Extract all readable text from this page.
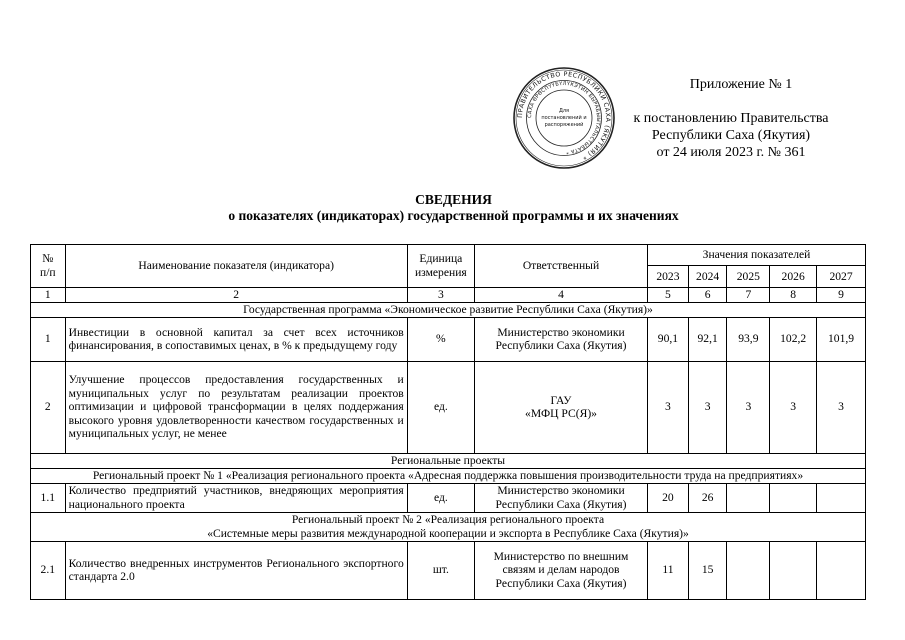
ПРАВИТЕЛЬСТВО РЕСПУБЛИКИ САХА (ЯКУТИЯ) *
САХА ӨРӨСПҮҮБҮЛҮКЭТИН БЫРАБЫЫТАЛЬСТЫБАТА *
Для
постановлений и
распоряжений
Приложение № 1
к постановлению Правительства
Республики Саха (Якутия)
от 24 июля 2023 г. № 361
СВЕДЕНИЯ
о показателях (индикаторах) государственной программы и их значениях
№
п/п	Наименование показателя (индикатора)	Единица измерения	Ответственный	Значения показателей				
				2023	2024	2025	2026	2027
1	2	3	4	5	6	7	8	9
Государственная программа «Экономическое развитие Республики Саха (Якутия)»								
1	Инвестиции в основной капитал за счет всех источников финансирования, в сопоставимых ценах, в % к предыдущему году	%	Министерство экономики Республики Саха (Якутия)	90,1	92,1	93,9	102,2	101,9
2	Улучшение процессов предоставления государственных и муниципальных услуг по результатам реализации проектов оптимизации и цифровой трансформации в целях поддержания высокого уровня удовлетворенности качеством государственных и муниципальных услуг, не менее	ед.	ГАУ
«МФЦ РС(Я)»	3	3	3	3	3
Региональные проекты								
Региональный проект № 1 «Реализация регионального проекта «Адресная поддержка повышения производительности труда на предприятиях»								
1.1	Количество предприятий участников, внедряющих мероприятия национального проекта	ед.	Министерство экономики Республики Саха (Якутия)	20	26			

Региональный проект № 2 «Реализация регионального проекта
«Системные меры развития международной кооперации и экспорта в Республике Саха (Якутия)»								

2.1	Количество внедренных инструментов Регионального экспортного стандарта 2.0	шт.	Министерство по внешним связям и делам народов Республики Саха (Якутия)	11	15			
